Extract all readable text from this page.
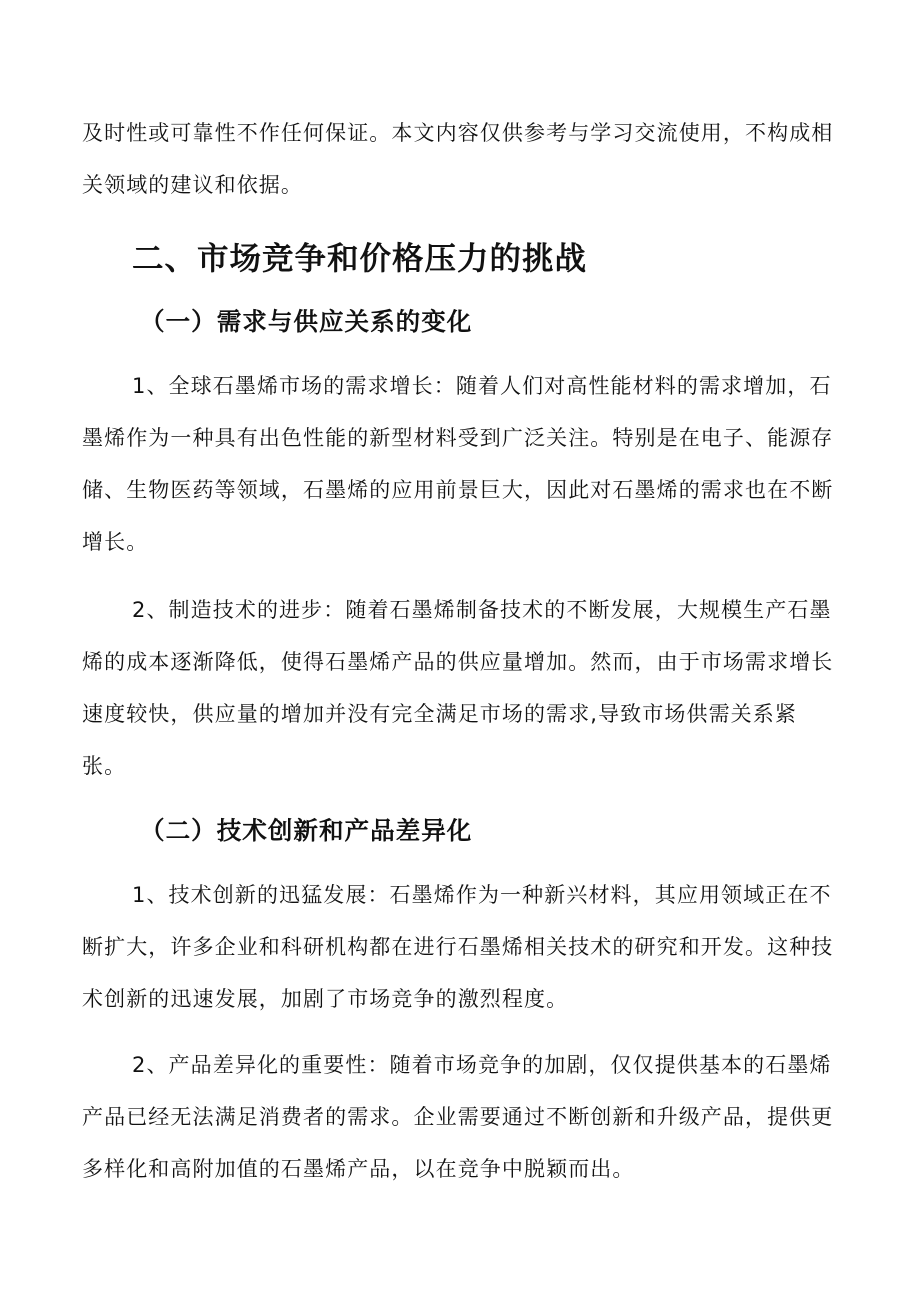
及时性或可靠性不作任何保证。本文内容仅供参考与学习交流使用，不构成相关领域的建议和依据。

二、市场竞争和价格压力的挑战
（一）需求与供应关系的变化

1、全球石墨烯市场的需求增长：随着人们对高性能材料的需求增加，石墨烯作为一种具有出色性能的新型材料受到广泛关注。特别是在电子、能源存储、生物医药等领域，石墨烯的应用前景巨大，因此对石墨烯的需求也在不断增长。

2、制造技术的进步：随着石墨烯制备技术的不断发展，大规模生产石墨烯的成本逐渐降低，使得石墨烯产品的供应量增加。然而，由于市场需求增长速度较快，供应量的增加并没有完全满足市场的需求,导致市场供需关系紧张。

（二）技术创新和产品差异化

1、技术创新的迅猛发展：石墨烯作为一种新兴材料，其应用领域正在不断扩大，许多企业和科研机构都在进行石墨烯相关技术的研究和开发。这种技术创新的迅速发展，加剧了市场竞争的激烈程度。

2、产品差异化的重要性：随着市场竞争的加剧，仅仅提供基本的石墨烯产品已经无法满足消费者的需求。企业需要通过不断创新和升级产品，提供更多样化和高附加值的石墨烯产品，以在竞争中脱颖而出。
